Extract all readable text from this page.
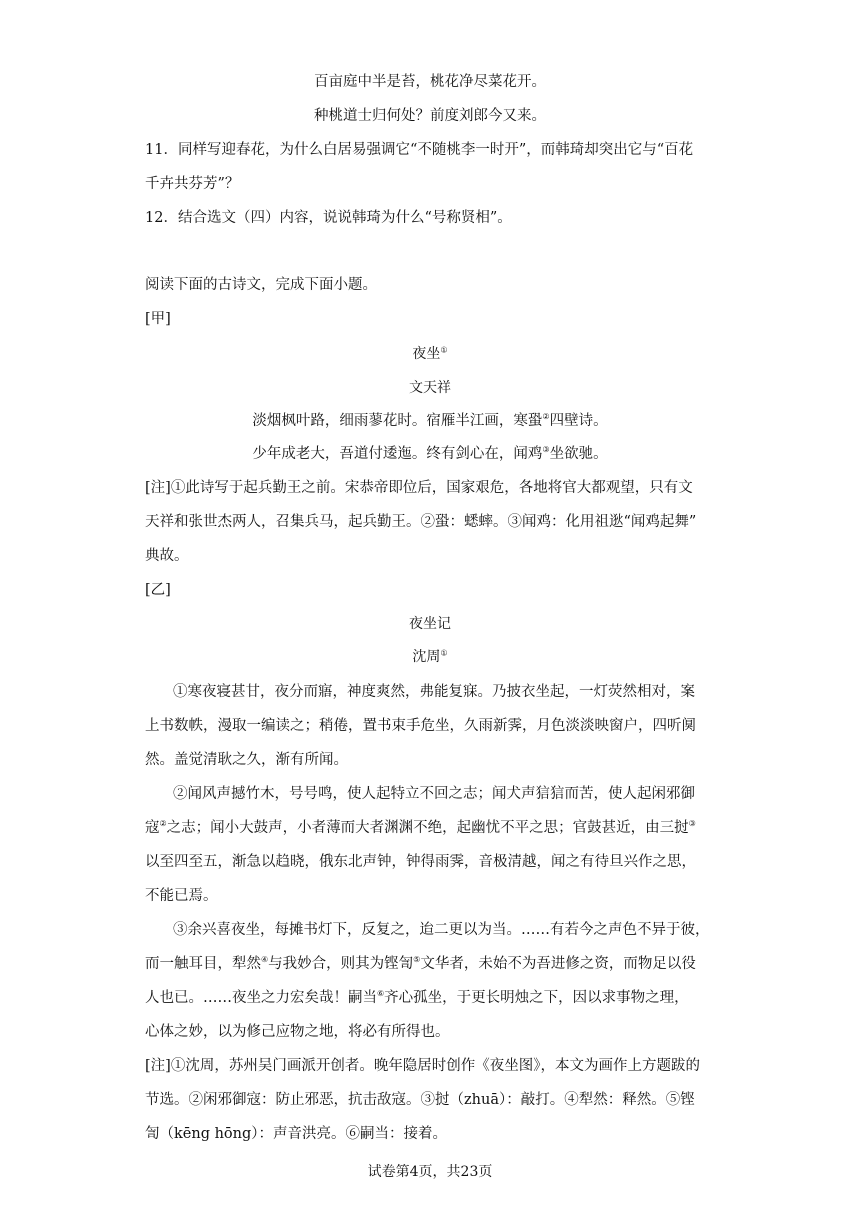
百亩庭中半是苔，桃花净尽菜花开。
种桃道士归何处？前度刘郎今又来。
11．同样写迎春花，为什么白居易强调它“不随桃李一时开”，而韩琦却突出它与“百花
千卉共芬芳”？
12．结合选文（四）内容，说说韩琦为什么“号称贤相”。
阅读下面的古诗文，完成下面小题。
[甲]
夜坐①
文天祥
淡烟枫叶路，细雨蓼花时。宿雁半江画，寒蛩②四壁诗。
少年成老大，吾道付逶迤。终有剑心在，闻鸡③坐欲驰。
[注]①此诗写于起兵勤王之前。宋恭帝即位后，国家艰危，各地将官大都观望，只有文
天祥和张世杰两人，召集兵马，起兵勤王。②蛩：蟋蟀。③闻鸡：化用祖逖“闻鸡起舞”
典故。
[乙]
夜坐记
沈周①
①寒夜寝甚甘，夜分而寤，神度爽然，弗能复寐。乃披衣坐起，一灯荧然相对，案
上书数帙，漫取一编读之；稍倦，置书束手危坐，久雨新霁，月色淡淡映窗户，四听阒
然。盖觉清耿之久，渐有所闻。
②闻风声撼竹木，号号鸣，使人起特立不回之志；闻犬声狺狺而苦，使人起闲邪御
寇②之志；闻小大鼓声，小者薄而大者渊渊不绝，起幽忧不平之思；官鼓甚近，由三挝③
以至四至五，渐急以趋晓，俄东北声钟，钟得雨霁，音极清越，闻之有待旦兴作之思，
不能已焉。
③余兴喜夜坐，每摊书灯下，反复之，迨二更以为当。……有若今之声色不异于彼，
而一触耳目，犁然④与我妙合，则其为铿訇⑤文华者，未始不为吾进修之资，而物足以役
人也已。……夜坐之力宏矣哉！嗣当⑥齐心孤坐，于更长明烛之下，因以求事物之理，
心体之妙，以为修己应物之地，将必有所得也。
[注]①沈周，苏州吴门画派开创者。晚年隐居时创作《夜坐图》，本文为画作上方题跋的
节选。②闲邪御寇：防止邪恶，抗击敌寇。③挝（zhuā）：敲打。④犁然：释然。⑤铿
訇（kēng hōng）：声音洪亮。⑥嗣当：接着。
试卷第4页，共23页
